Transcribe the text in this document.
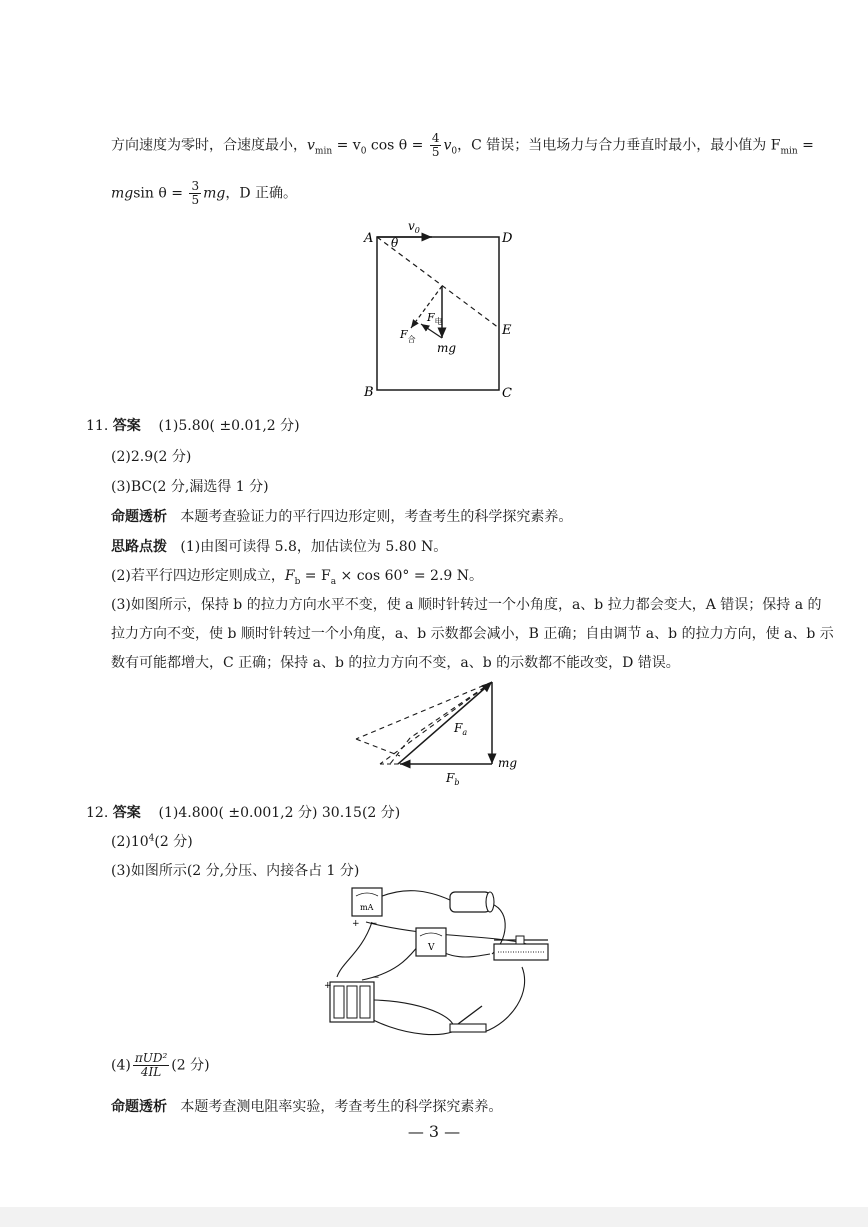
方向速度为零时，合速度最小，$v_{min} = v_0$ $\cos \theta = \frac{4}{5} v_0$，C 错误；当电场力与合力垂直时最小，最小值为 $F_{min}$ =
mgsin $\theta = \frac{3}{5}$ mg，D 正确。
A	D
B	C
E
$v_0$
θ
$F_电$
$F_合$
mg
11. 答案 (1)5.80( ±0.01,2 分)
(2)2.9(2 分)
(3)BC(2 分,漏选得 1 分)
命题透析 本题考查验证力的平行四边形定则，考查考生的科学探究素养。
思路点拨 (1)由图可读得 5.8，加估读位为 5.80 N。
(2)若平行四边形定则成立，$F_b = F_a \times \cos 60^\circ = 2.9$ N。
(3)如图所示，保持 b 的拉力方向水平不变，使 a 顺时针转过一个小角度，a、b 拉力都会变大，A 错误；保持 a 的
拉力方向不变，使 b 顺时针转过一个小角度，a、b 示数都会减小，B 正确；自由调节 a、b 的拉力方向，使 a、b 示
数有可能都增大，C 正确；保持 a、b 的拉力方向不变，a、b 的示数都不能改变，D 错误。
$F_a$
$F_b$
mg
12. 答案 (1)4.800( ±0.001,2 分) 30.15(2 分)
$(2)10^4(2$ 分)
(3)如图所示(2 分,分压、内接各占 1 分)
mA
+ −
V
+
−
$(4) \frac{\text{πUD²}}{4IL} (2$ 分)
命题透析 本题考查测电阻率实验，考查考生的科学探究素养。
— 3 —
